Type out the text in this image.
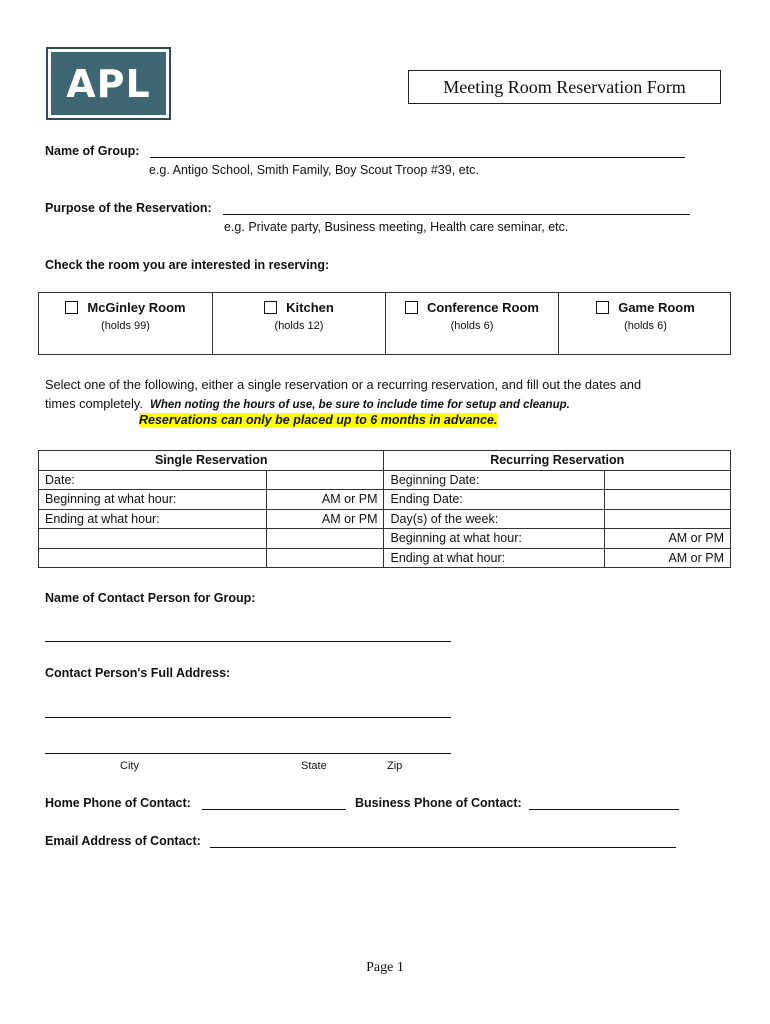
APL	Meeting Room Reservation Form
Name of Group:
e.g. Antigo School, Smith Family, Boy Scout Troop #39, etc.
Purpose of the Reservation:
e.g. Private party, Business meeting, Health care seminar, etc.
Check the room you are interested in reserving:
McGinley Room
(holds 99)
Kitchen
(holds 12)
Conference Room
(holds 6)
Game Room
(holds 6)
Select one of the following, either a single reservation or a recurring reservation, and fill out the dates and
times completely. When noting the hours of use, be sure to include time for setup and cleanup.
Reservations can only be placed up to 6 months in advance.
Single Reservation		Recurring Reservation	
Date:		Beginning Date:	
Beginning at what hour:	AM or PM	Ending Date:	
Ending at what hour:	AM or PM	Day(s) of the week:	
		Beginning at what hour:	AM or PM
		Ending at what hour:	AM or PM
Name of Contact Person for Group:
Contact Person's Full Address:
City	State	Zip
Home Phone of Contact:	Business Phone of Contact:
Email Address of Contact:
Page 1
